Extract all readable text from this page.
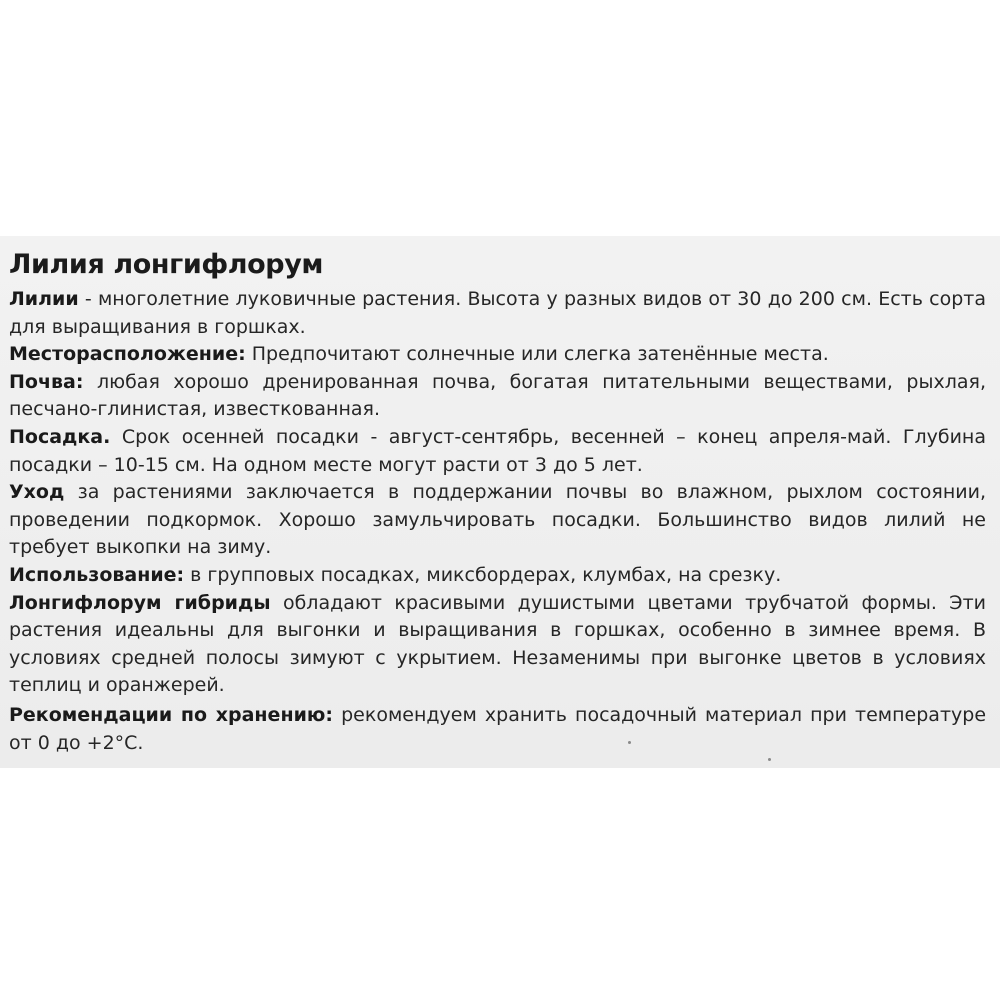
Лилия лонгифлорум

Лилии - многолетние луковичные растения. Высота у разных видов от 30 до 200 см. Есть сорта для выращивания в горшках.

Месторасположение: Предпочитают солнечные или слегка затенённые места.

Почва: любая хорошо дренированная почва, богатая питательными веществами, рыхлая, песчано-глинистая, известкованная.

Посадка. Срок осенней посадки - август-сентябрь, весенней – конец апреля-май. Глубина посадки – 10-15 см. На одном месте могут расти от 3 до 5 лет.

Уход за растениями заключается в поддержании почвы во влажном, рыхлом состоянии, проведении подкормок. Хорошо замульчировать посадки. Большинство видов лилий не требует выкопки на зиму.

Использование: в групповых посадках, миксбордерах, клумбах, на срезку.

Лонгифлорум гибриды обладают красивыми душистыми цветами трубчатой формы. Эти растения идеальны для выгонки и выращивания в горшках, особенно в зимнее время. В условиях средней полосы зимуют с укрытием. Незаменимы при выгонке цветов в условиях теплиц и оранжерей.

Рекомендации по хранению: рекомендуем хранить посадочный материал при температуре от 0 до +2°C.
